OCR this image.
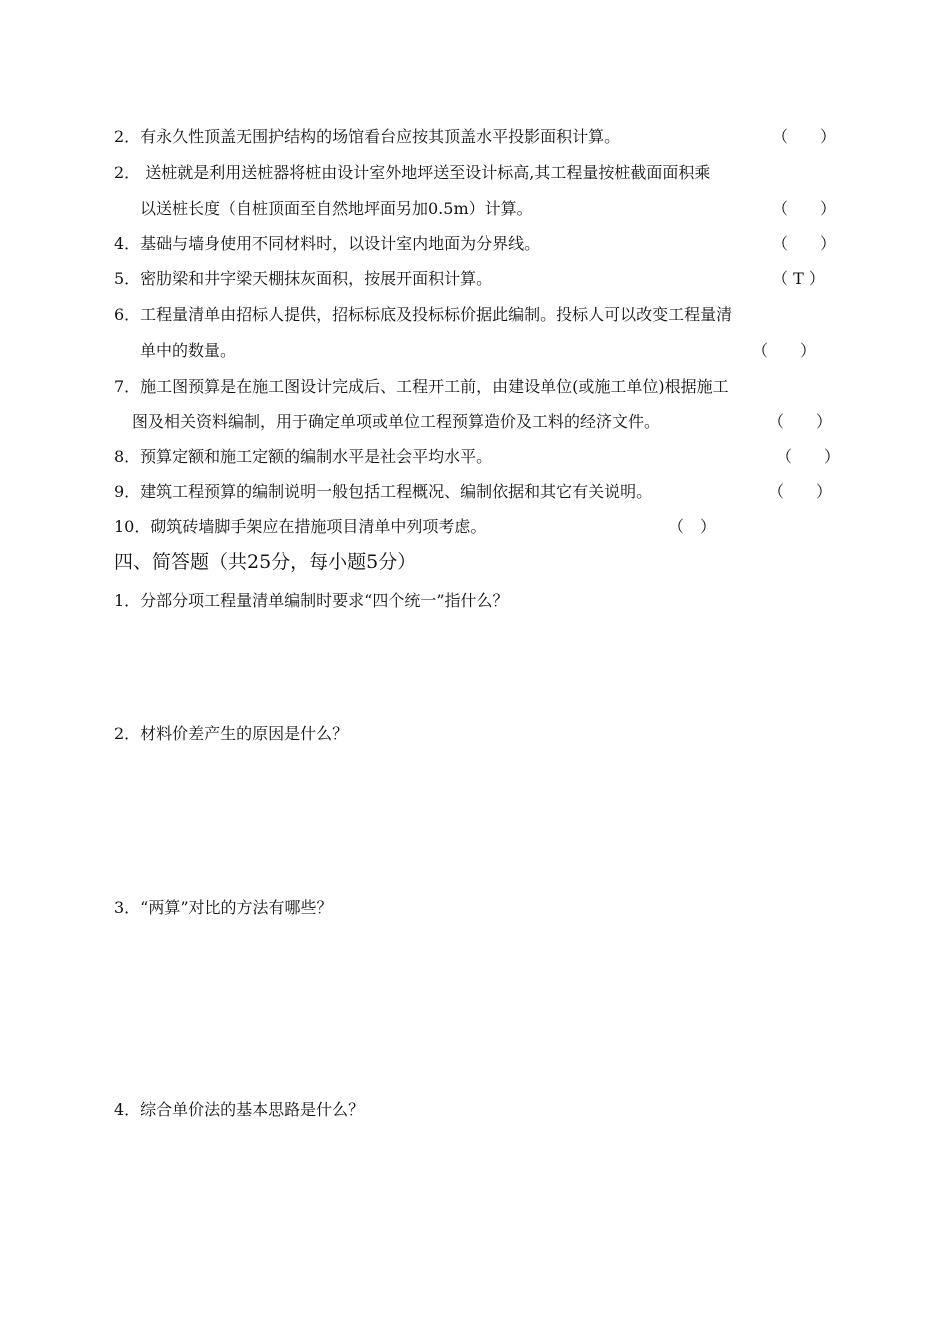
2．有永久性顶盖无围护结构的场馆看台应按其顶盖水平投影面积计算。	（　　）
2． 送桩就是利用送桩器将桩由设计室外地坪送至设计标高,其工程量按桩截面面积乘
以送桩长度（自桩顶面至自然地坪面另加0.5m）计算。	（　　）
4．基础与墙身使用不同材料时，以设计室内地面为分界线。	（　　）
5．密肋梁和井字梁天棚抹灰面积，按展开面积计算。	（ T ）
6．工程量清单由招标人提供，招标标底及投标标价据此编制。投标人可以改变工程量清
单中的数量。	（　　）
7．施工图预算是在施工图设计完成后、工程开工前，由建设单位(或施工单位)根据施工
图及相关资料编制，用于确定单项或单位工程预算造价及工料的经济文件。	（　　）
8．预算定额和施工定额的编制水平是社会平均水平。	（　　）
9．建筑工程预算的编制说明一般包括工程概况、编制依据和其它有关说明。	（　　）
10．砌筑砖墙脚手架应在措施项目清单中列项考虑。	（　）
四、简答题（共25分，每小题5分）
1．分部分项工程量清单编制时要求“四个统一”指什么？
2．材料价差产生的原因是什么？
3．“两算”对比的方法有哪些？
4．综合单价法的基本思路是什么？
